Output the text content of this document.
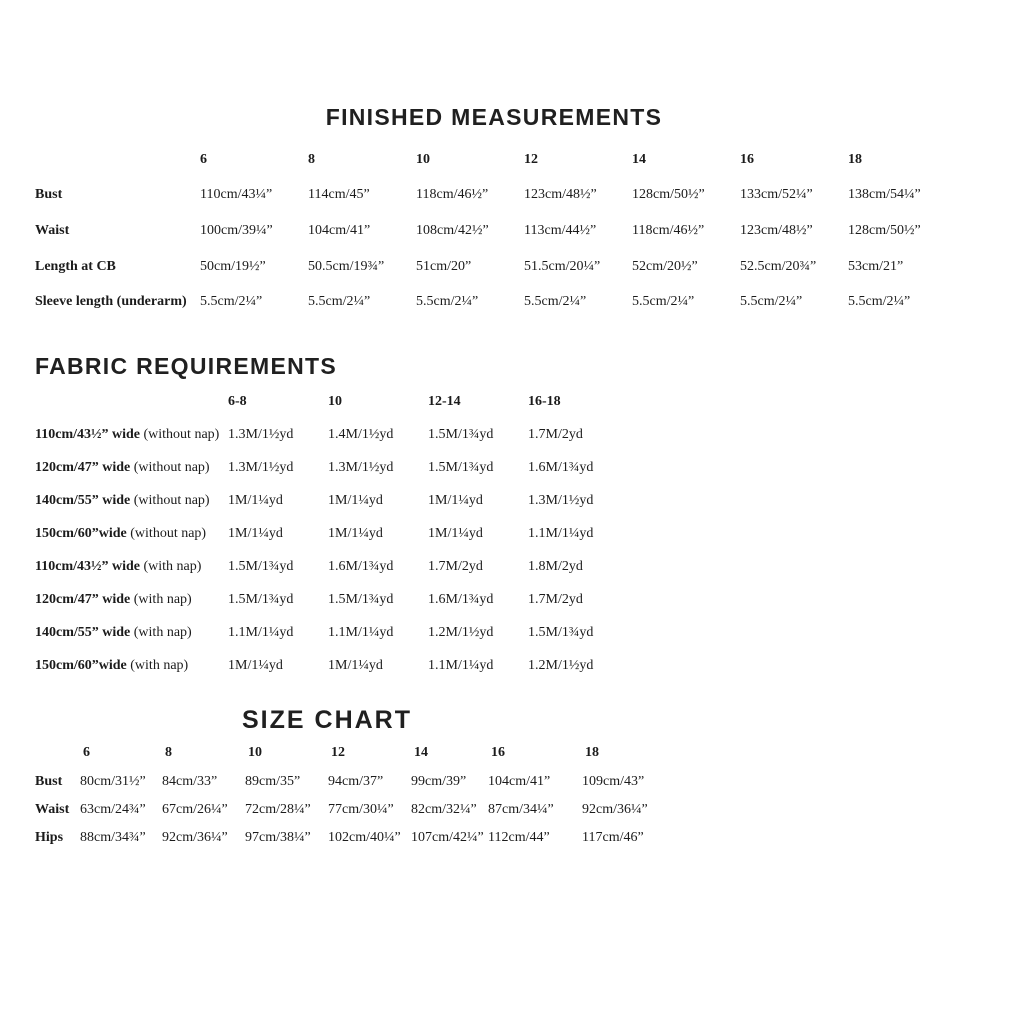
FINISHED MEASUREMENTS
	6	8	10	12	14	16	18
Bust	110cm/43¼”	114cm/45”	118cm/46½”	123cm/48½”	128cm/50½”	133cm/52¼”	138cm/54¼”
Waist	100cm/39¼”	104cm/41”	108cm/42½”	113cm/44½”	118cm/46½”	123cm/48½”	128cm/50½”
Length at CB	50cm/19½”	50.5cm/19¾”	51cm/20”	51.5cm/20¼”	52cm/20½”	52.5cm/20¾”	53cm/21”
Sleeve length (underarm)	5.5cm/2¼”	5.5cm/2¼”	5.5cm/2¼”	5.5cm/2¼”	5.5cm/2¼”	5.5cm/2¼”	5.5cm/2¼”
FABRIC REQUIREMENTS
	6-8	10	12-14	16-18
110cm/43½” wide (without nap)	1.3M/1½yd	1.4M/1½yd	1.5M/1¾yd	1.7M/2yd
120cm/47” wide (without nap)	1.3M/1½yd	1.3M/1½yd	1.5M/1¾yd	1.6M/1¾yd
140cm/55” wide (without nap)	1M/1¼yd	1M/1¼yd	1M/1¼yd	1.3M/1½yd
150cm/60”wide (without nap)	1M/1¼yd	1M/1¼yd	1M/1¼yd	1.1M/1¼yd
110cm/43½” wide (with nap)	1.5M/1¾yd	1.6M/1¾yd	1.7M/2yd	1.8M/2yd
120cm/47” wide (with nap)	1.5M/1¾yd	1.5M/1¾yd	1.6M/1¾yd	1.7M/2yd
140cm/55” wide (with nap)	1.1M/1¼yd	1.1M/1¼yd	1.2M/1½yd	1.5M/1¾yd
150cm/60”wide (with nap)	1M/1¼yd	1M/1¼yd	1.1M/1¼yd	1.2M/1½yd
SIZE CHART
	6	8	10	12	14	16	18
Bust	80cm/31½”	84cm/33”	89cm/35”	94cm/37”	99cm/39”	104cm/41”	109cm/43”
Waist	63cm/24¾”	67cm/26¼”	72cm/28¼”	77cm/30¼”	82cm/32¼”	87cm/34¼”	92cm/36¼”
Hips	88cm/34¾”	92cm/36¼”	97cm/38¼”	102cm/40¼”	107cm/42¼”	112cm/44”	117cm/46”
